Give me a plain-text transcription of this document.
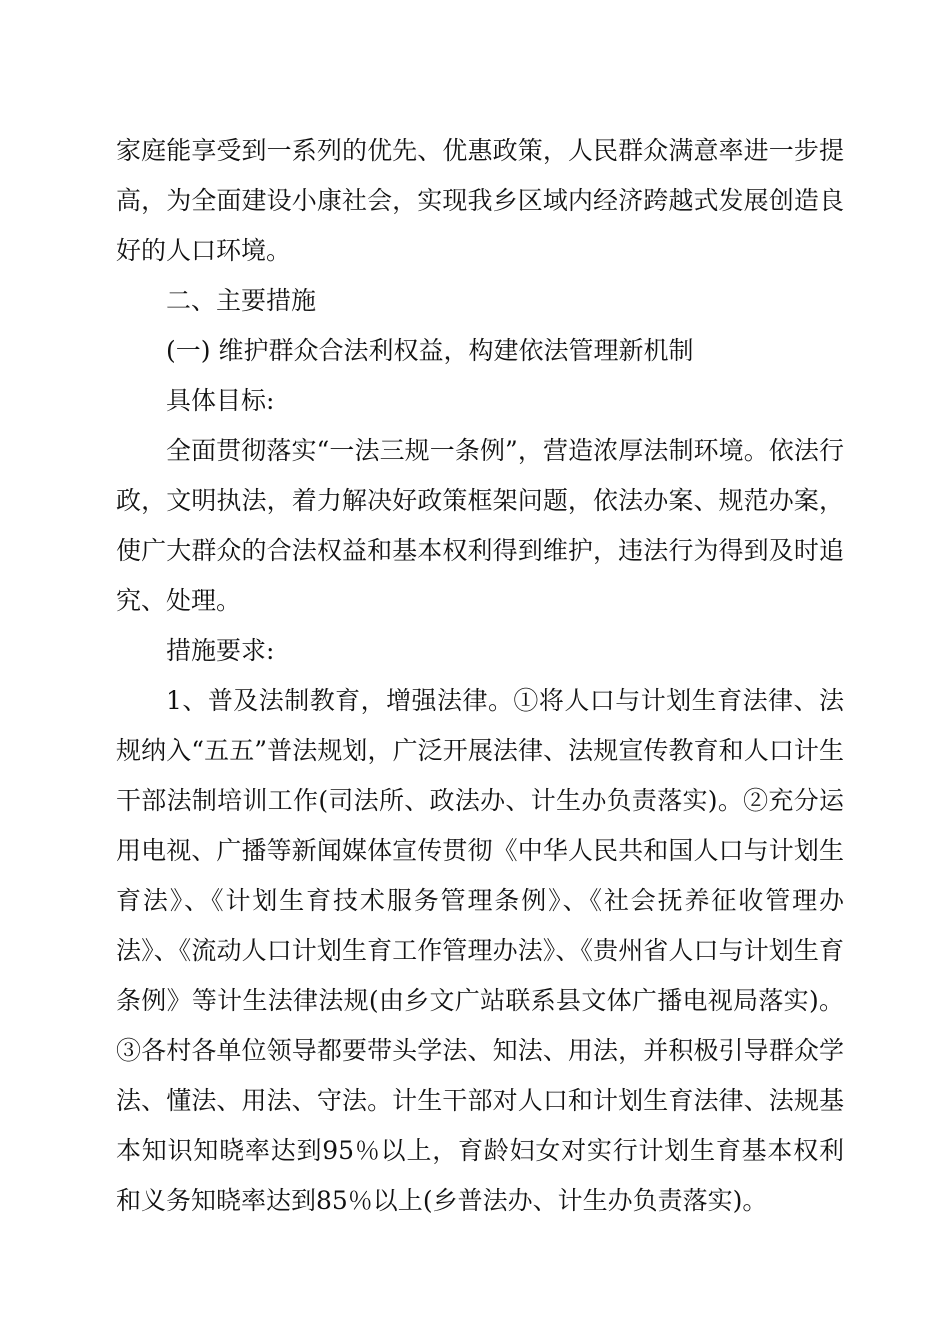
家庭能享受到一系列的优先、优惠政策，人民群众满意率进一步提高，为全面建设小康社会，实现我乡区域内经济跨越式发展创造良好的人口环境。

二、主要措施

(一) 维护群众合法利权益，构建依法管理新机制

具体目标:

全面贯彻落实“一法三规一条例”，营造浓厚法制环境。依法行政，文明执法，着力解决好政策框架问题，依法办案、规范办案，使广大群众的合法权益和基本权利得到维护，违法行为得到及时追究、处理。

措施要求:

1、普及法制教育，增强法律。①将人口与计划生育法律、法规纳入“五五”普法规划，广泛开展法律、法规宣传教育和人口计生干部法制培训工作(司法所、政法办、计生办负责落实)。②充分运用电视、广播等新闻媒体宣传贯彻《中华人民共和国人口与计划生育法》、《计划生育技术服务管理条例》、《社会抚养征收管理办法》、《流动人口计划生育工作管理办法》、《贵州省人口与计划生育条例》等计生法律法规(由乡文广站联系县文体广播电视局落实)。③各村各单位领导都要带头学法、知法、用法，并积极引导群众学法、懂法、用法、守法。计生干部对人口和计划生育法律、法规基本知识知晓率达到95％以上，育龄妇女对实行计划生育基本权利和义务知晓率达到85％以上(乡普法办、计生办负责落实)。
